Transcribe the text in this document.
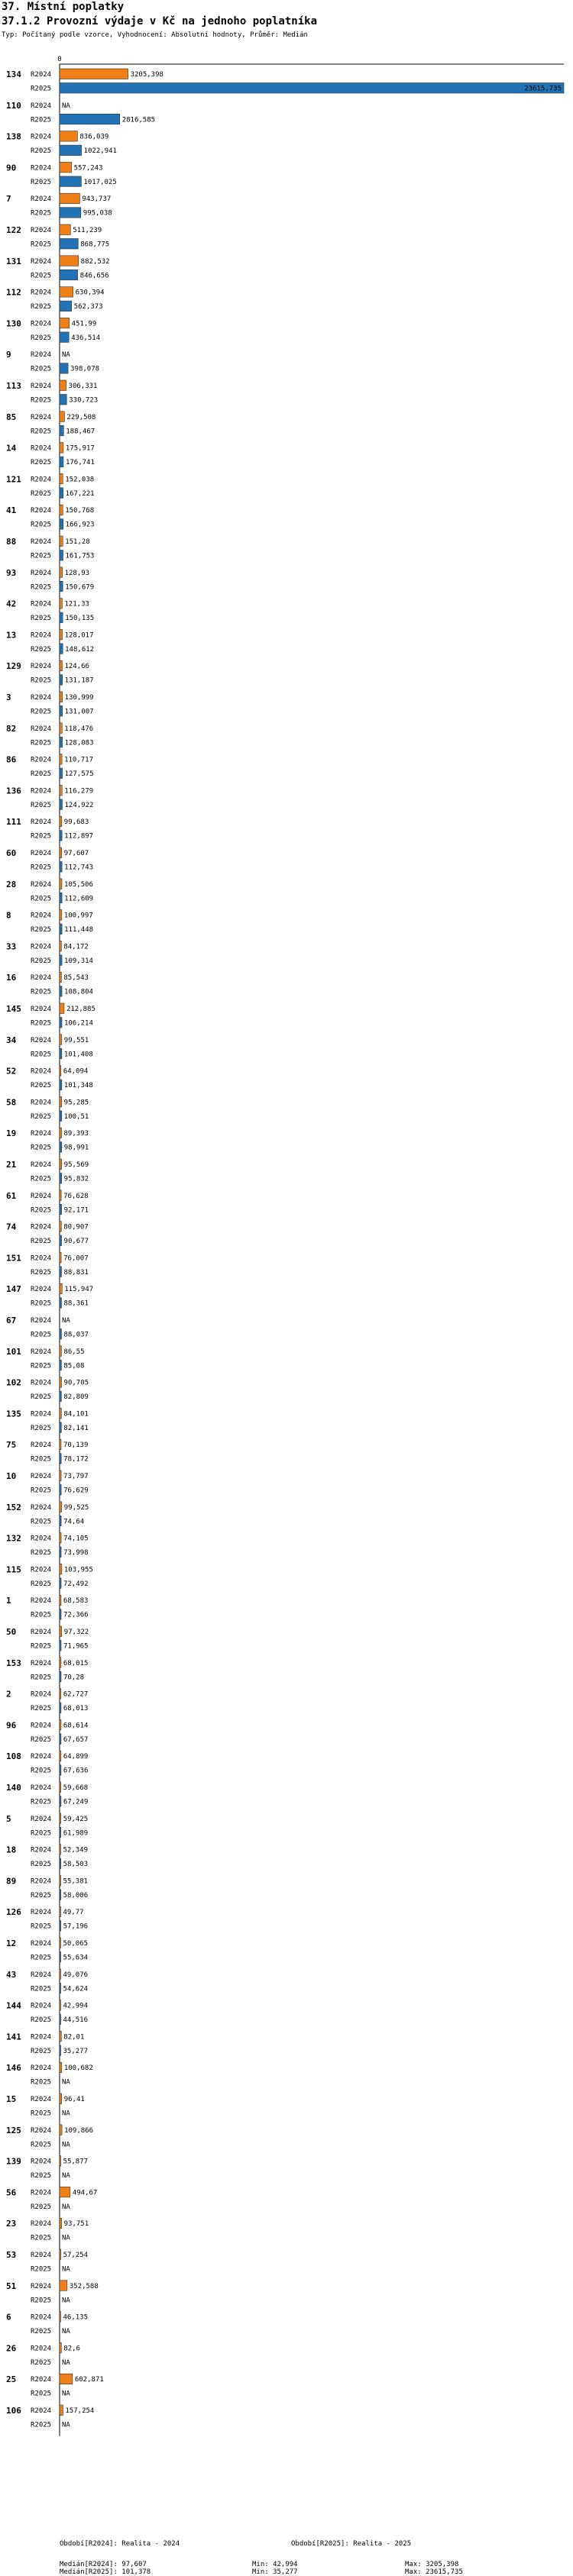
37. Místní poplatky
37.1.2 Provozní výdaje v Kč na jednoho poplatníka
Typ: Počítaný podle vzorce, Vyhodnocení: Absolutní hodnoty, Průměr: Medián
0
134 R2024	3205,398
R2025	23615,735
110 R2024 NA
R2025	2816,585
138 R2024	836,039
R2025	1022,941
90 R2024	557,243
R2025	1017,025
7	R2024	943,737
R2025	995,038
122 R2024	511,239
R2025	868,775
131 R2024	882,532
R2025	846,656
112 R2024	630,394
R2025	562,373
130 R2024	451,99
R2025	436,514
9	R2024 NA
R2025	398,078
113 R2024 306,331
R2025	330,723
85 R2024 229,508
R2025 188,467
14 R2024 175,917
R2025 176,741
121 R2024 152,038
R2025 167,221
41 R2024 150,768
R2025 166,923
88 R2024 151,28
R2025 161,753
93 R2024 128,93
R2025 150,679
42 R2024 121,33
R2025 150,135
13 R2024 128,017
R2025 148,612
129 R2024 124,66
R2025 131,187
3	R2024 130,999
R2025 131,007
82 R2024 118,476
R2025 128,083
86 R2024 110,717
R2025 127,575
136 R2024 116,279
R2025 124,922
111 R2024 99,683
R2025 112,897
60 R2024 97,607
R2025 112,743
28 R2024 105,506
R2025 112,609
8	R2024 100,997
R2025 111,448
33 R2024 84,172
R2025 109,314
16 R2024 85,543
R2025 108,804
145 R2024 212,885
R2025 106,214
34 R2024 99,551
R2025 101,408
52 R2024 64,094
R2025 101,348
58 R2024 95,285
R2025 100,51
19 R2024 89,393
R2025 98,991
21 R2024 95,569
R2025 95,832
61 R2024 76,628
R2025 92,171
74 R2024 80,907
R2025 90,677
151 R2024 76,007
R2025 88,831
147 R2024 115,947
R2025 88,361
67 R2024 NA
R2025 88,037
101 R2024 86,55
R2025 85,08
102 R2024 90,705
R2025 82,809
135 R2024 84,101
R2025 82,141
75 R2024 70,139
R2025 78,172
10 R2024 73,797
R2025 76,629
152 R2024 99,525
R2025 74,64
132 R2024 74,105
R2025 73,998
115 R2024 103,955
R2025 72,492
1	R2024 68,583
R2025 72,366
50 R2024 97,322
R2025 71,965
153 R2024 68,015
R2025 70,28
2	R2024 62,727
R2025 68,013
96 R2024 68,614
R2025 67,657
108 R2024 64,899
R2025 67,636
140 R2024 59,668
R2025 67,249
5	R2024 59,425
R2025 61,989
18 R2024 52,349
R2025 58,503
89 R2024 55,381
R2025 58,006
126 R2024 49,77
R2025 57,196
12 R2024 50,065
R2025 55,634
43 R2024 49,076
R2025 54,624
144 R2024 42,994
R2025 44,516
141 R2024 82,01
R2025 35,277
146 R2024 100,682
R2025 NA
15 R2024 96,41
R2025 NA
125 R2024 109,866
R2025 NA
139 R2024 55,877
R2025 NA
56 R2024	494,67
R2025 NA
23 R2024 93,751
R2025 NA
53 R2024 57,254
R2025 NA
51 R2024	352,588
R2025 NA
6	R2024 46,135
R2025 NA
26 R2024 82,6
R2025 NA
25 R2024	602,871
R2025 NA
106 R2024 157,254
R2025 NA
Období[R2024]: Realita - 2024	Období[R2025]: Realita - 2025
Medián[R2024]: 97,607	Min: 42,994	Max: 3205,398
Medián[R2025]: 101,378	Min: 35,277	Max: 23615,735
